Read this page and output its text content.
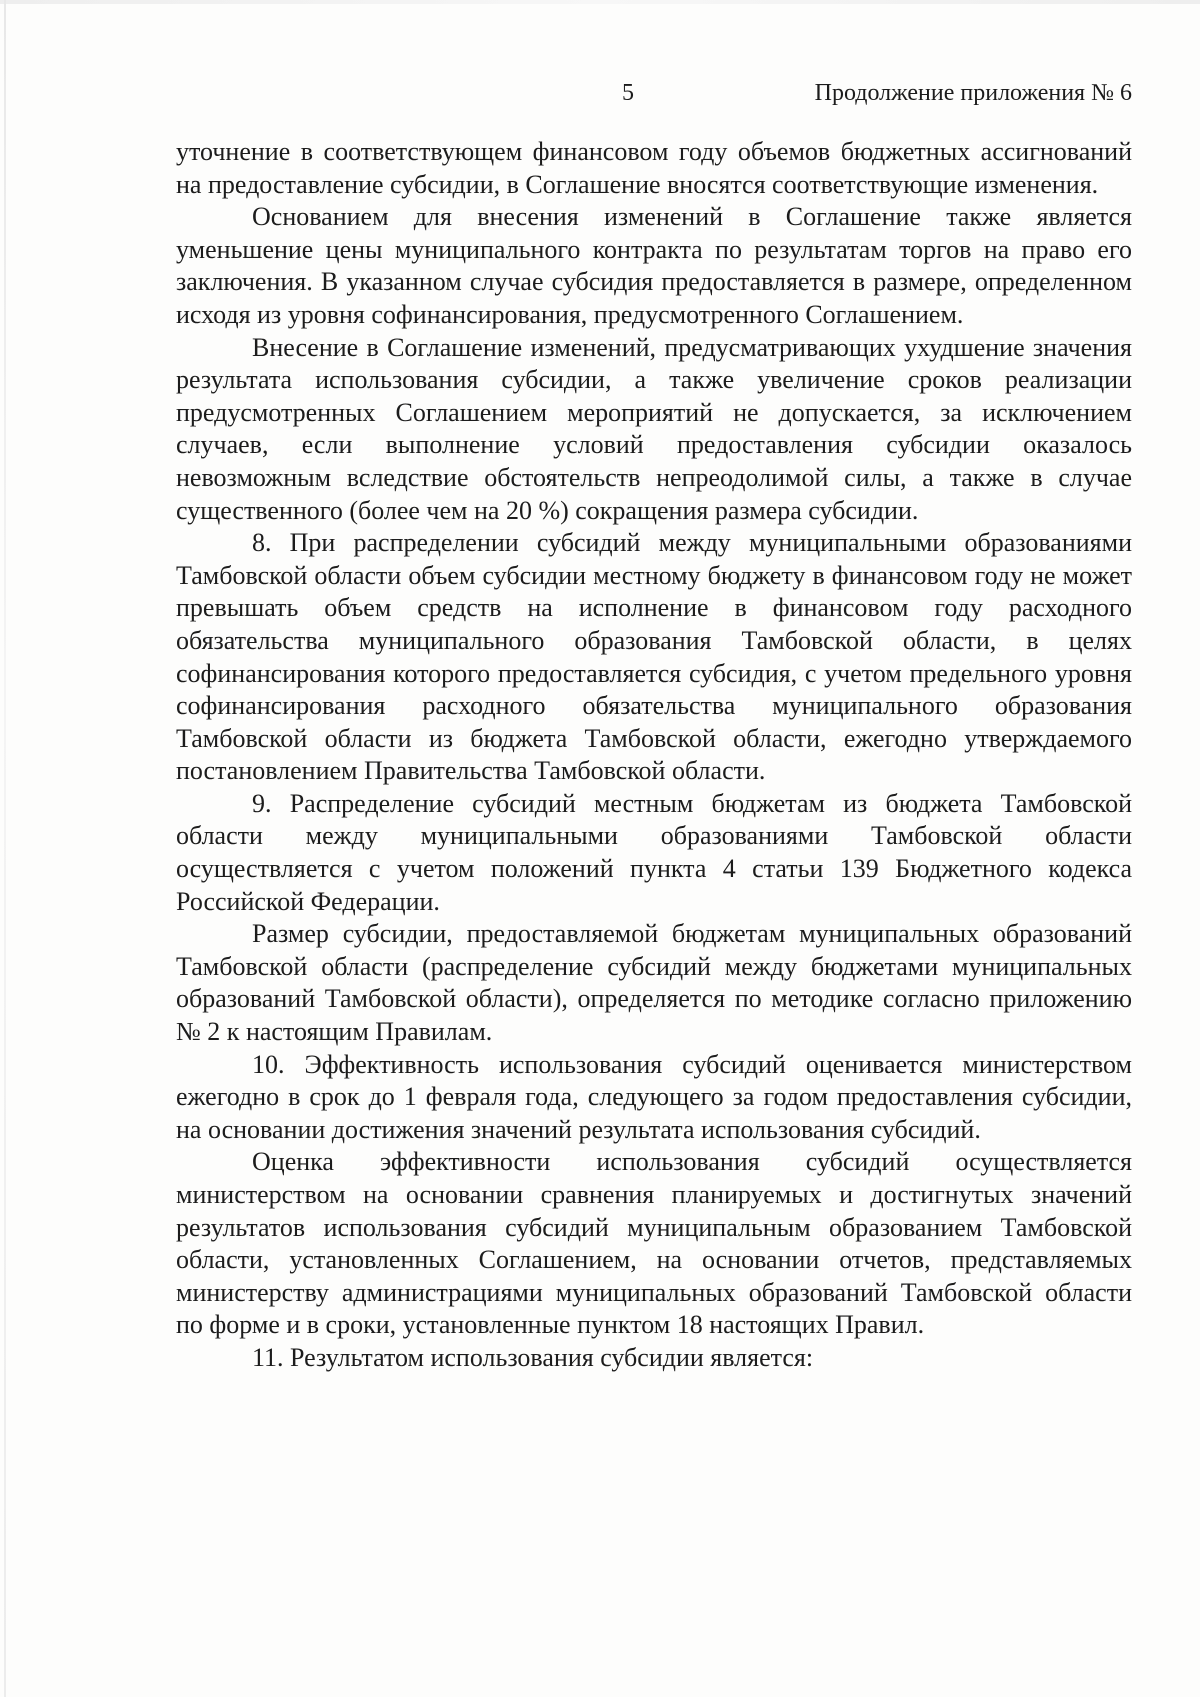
5	Продолжение приложения № 6

уточнение в соответствующем финансовом году объемов бюджетных ассигнований на предоставление субсидии, в Соглашение вносятся соответствующие изменения.

Основанием для внесения изменений в Соглашение также является уменьшение цены муниципального контракта по результатам торгов на право его заключения. В указанном случае субсидия предоставляется в размере, определенном исходя из уровня софинансирования, предусмотренного Соглашением.

Внесение в Соглашение изменений, предусматривающих ухудшение значения результата использования субсидии, а также увеличение сроков реализации предусмотренных Соглашением мероприятий не допускается, за исключением случаев, если выполнение условий предоставления субсидии оказалось невозможным вследствие обстоятельств непреодолимой силы, а также в случае существенного (более чем на 20 %) сокращения размера субсидии.

8. При распределении субсидий между муниципальными образованиями Тамбовской области объем субсидии местному бюджету в финансовом году не может превышать объем средств на исполнение в финансовом году расходного обязательства муниципального образования Тамбовской области, в целях софинансирования которого предоставляется субсидия, с учетом предельного уровня софинансирования расходного обязательства муниципального образования Тамбовской области из бюджета Тамбовской области, ежегодно утверждаемого постановлением Правительства Тамбовской области.

9. Распределение субсидий местным бюджетам из бюджета Тамбовской области между муниципальными образованиями Тамбовской области осуществляется с учетом положений пункта 4 статьи 139 Бюджетного кодекса Российской Федерации.

Размер субсидии, предоставляемой бюджетам муниципальных образований Тамбовской области (распределение субсидий между бюджетами муниципальных образований Тамбовской области), определяется по методике согласно приложению № 2 к настоящим Правилам.

10. Эффективность использования субсидий оценивается министерством ежегодно в срок до 1 февраля года, следующего за годом предоставления субсидии, на основании достижения значений результата использования субсидий.

Оценка эффективности использования субсидий осуществляется министерством на основании сравнения планируемых и достигнутых значений результатов использования субсидий муниципальным образованием Тамбовской области, установленных Соглашением, на основании отчетов, представляемых министерству администрациями муниципальных образований Тамбовской области по форме и в сроки, установленные пунктом 18 настоящих Правил.

11. Результатом использования субсидии является:
